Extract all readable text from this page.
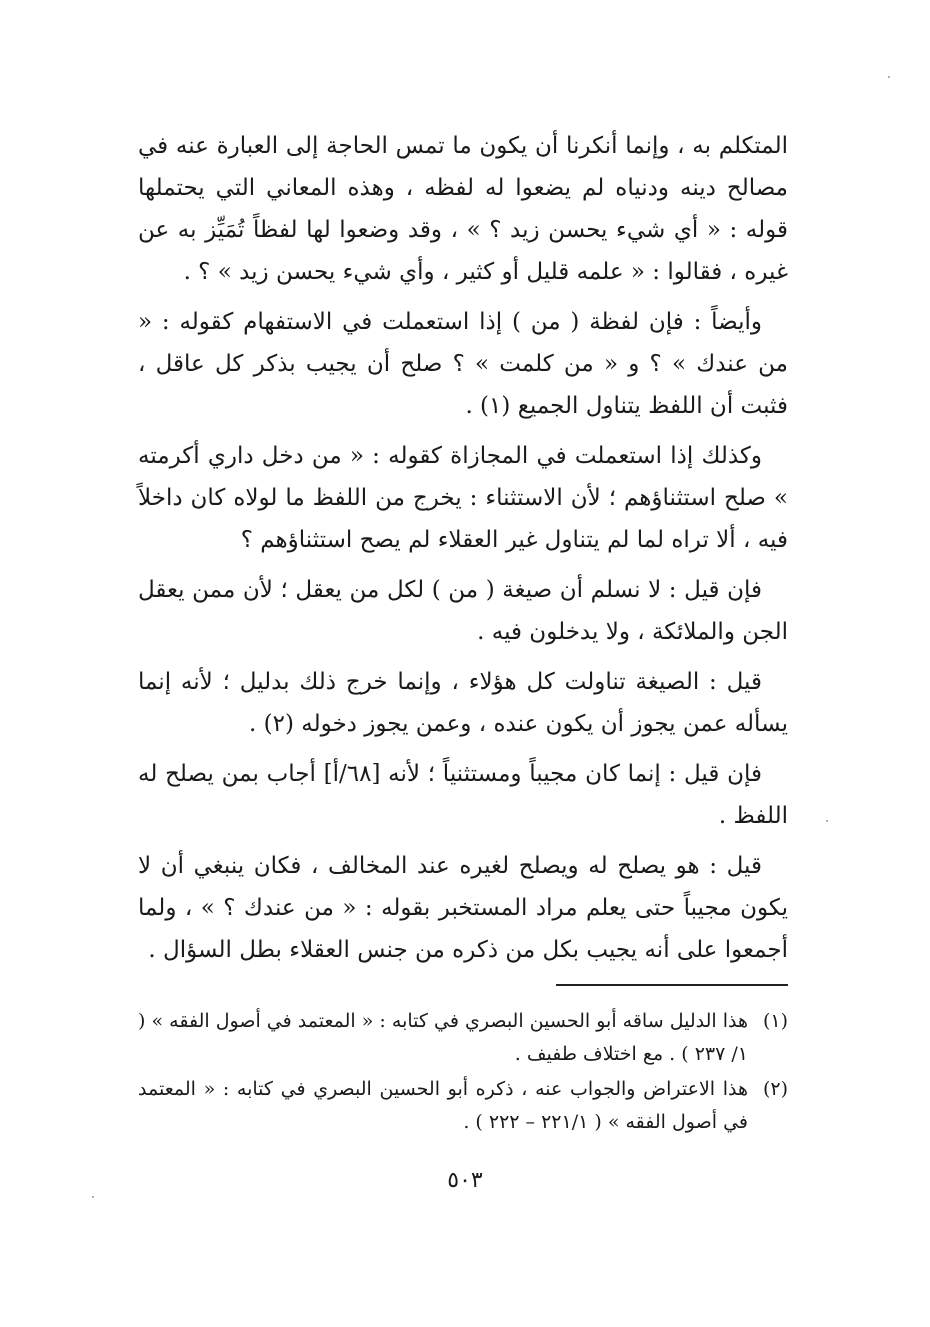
المتكلم به ، وإنما أنكرنا أن يكون ما تمس الحاجة إلى العبارة عنه في مصالح دينه ودنياه لم يضعوا له لفظه ، وهذه المعاني التي يحتملها قوله : « أي شيء يحسن زيد ؟ » ، وقد وضعوا لها لفظاً تُمَيِّز به عن غيره ، فقالوا : « علمه قليل أو كثير ، وأي شيء يحسن زيد » ؟ .

وأيضاً : فإن لفظة ( من ) إذا استعملت في الاستفهام كقوله : « من عندك » ؟ و « من كلمت » ؟ صلح أن يجيب بذكر كل عاقل ، فثبت أن اللفظ يتناول الجميع (١) .

وكذلك إذا استعملت في المجازاة كقوله : « من دخل داري أكرمته » صلح استثناؤهم ؛ لأن الاستثناء : يخرج من اللفظ ما لولاه كان داخلاً فيه ، ألا تراه لما لم يتناول غير العقلاء لم يصح استثناؤهم ؟

فإن قيل : لا نسلم أن صيغة ( من ) لكل من يعقل ؛ لأن ممن يعقل الجن والملائكة ، ولا يدخلون فيه .

قيل : الصيغة تناولت كل هؤلاء ، وإنما خرج ذلك بدليل ؛ لأنه إنما يسأله عمن يجوز أن يكون عنده ، وعمن يجوز دخوله (٢) .

فإن قيل : إنما كان مجيباً ومستثنياً ؛ لأنه [٦٨/أ] أجاب بمن يصلح له اللفظ .

قيل : هو يصلح له ويصلح لغيره عند المخالف ، فكان ينبغي أن لا يكون مجيباً حتى يعلم مراد المستخبر بقوله : « من عندك ؟ » ، ولما أجمعوا على أنه يجيب بكل من ذكره من جنس العقلاء بطل السؤال .

(١)
هذا الدليل ساقه أبو الحسين البصري في كتابه : « المعتمد في أصول الفقه » ( ١/ ٢٣٧ ) . مع اختلاف طفيف .
(٢)
هذا الاعتراض والجواب عنه ، ذكره أبو الحسين البصري في كتابه : « المعتمد في أصول الفقه » ( ٢٢١/١ – ٢٢٢ ) .
٥٠٣
